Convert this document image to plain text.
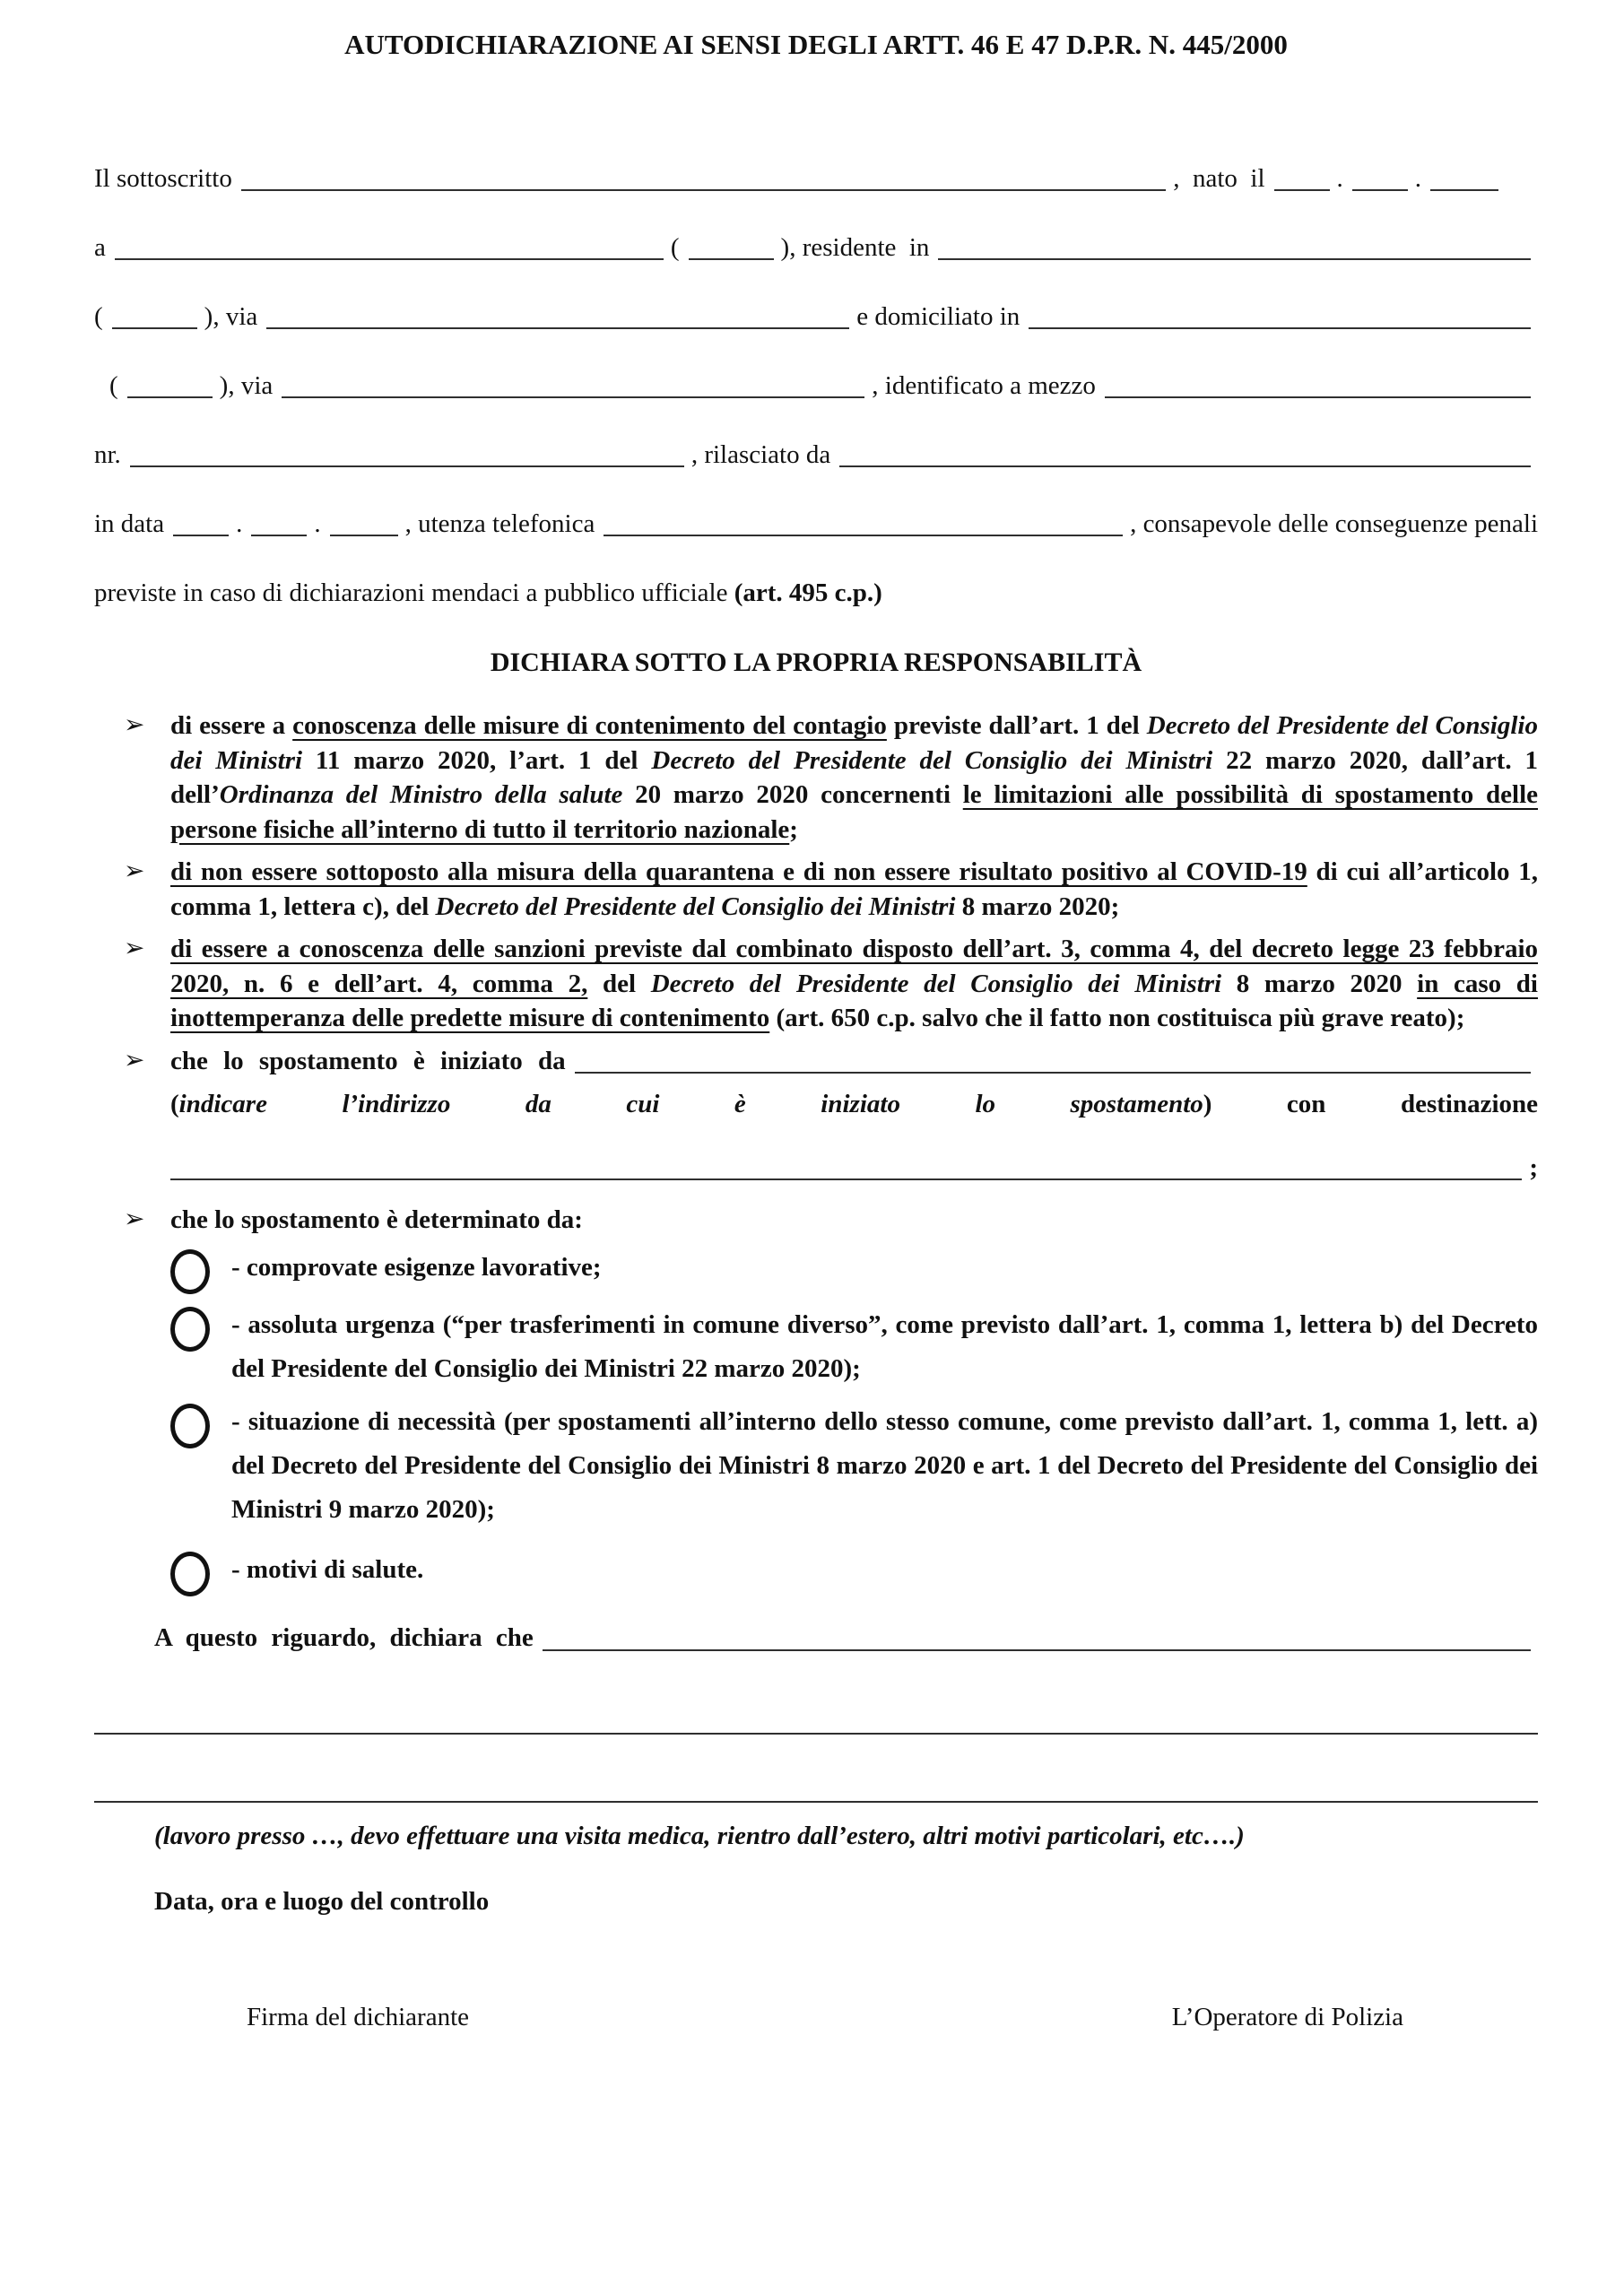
AUTODICHIARAZIONE AI SENSI DEGLI ARTT. 46 E 47 D.P.R. N. 445/2000
Il sottoscritto	,  nato  il	.	.
a	(	), residente  in
(	), via	e domiciliato in
(	), via	, identificato a mezzo
nr.	, rilasciato da
in data	.	.	, utenza telefonica	, consapevole delle conseguenze penali
previste in caso di dichiarazioni mendaci a pubblico ufficiale (art. 495 c.p.)
DICHIARA SOTTO LA PROPRIA RESPONSABILITÀ
➢ di essere a conoscenza delle misure di contenimento del contagio previste dall’art. 1 del Decreto del Presidente del Consiglio dei Ministri 11 marzo 2020, l’art. 1 del Decreto del Presidente del Consiglio dei Ministri 22 marzo 2020, dall’art. 1 dell’Ordinanza del Ministro della salute 20 marzo 2020 concernenti le limitazioni alle possibilità di spostamento delle persone fisiche all’interno di tutto il territorio nazionale;
➢ di non essere sottoposto alla misura della quarantena e di non essere risultato positivo al COVID-19 di cui all’articolo 1, comma 1, lettera c), del Decreto del Presidente del Consiglio dei Ministri 8 marzo 2020;
➢ di essere a conoscenza delle sanzioni previste dal combinato disposto dell’art. 3, comma 4, del decreto legge 23 febbraio 2020, n. 6 e dell’art. 4, comma 2, del Decreto del Presidente del Consiglio dei Ministri 8 marzo 2020 in caso di inottemperanza delle predette misure di contenimento (art. 650 c.p. salvo che il fatto non costituisca più grave reato);
➢ che lo spostamento è iniziato da
(indicare l’indirizzo da cui è iniziato lo spostamento) con destinazione
;
➢ che lo spostamento è determinato da:
- comprovate esigenze lavorative;
- assoluta urgenza (“per trasferimenti in comune diverso”, come previsto dall’art. 1, comma 1, lettera b) del Decreto del Presidente del Consiglio dei Ministri 22 marzo 2020);
- situazione di necessità (per spostamenti all’interno dello stesso comune, come previsto dall’art. 1, comma 1, lett. a) del Decreto del Presidente del Consiglio dei Ministri 8 marzo 2020 e art. 1 del Decreto del Presidente del Consiglio dei Ministri 9 marzo 2020);
- motivi di salute.
A questo riguardo, dichiara che
(lavoro presso …, devo effettuare una visita medica, rientro dall’estero, altri motivi particolari, etc….)
Data, ora e luogo del controllo
Firma del dichiarante	L’Operatore di Polizia
